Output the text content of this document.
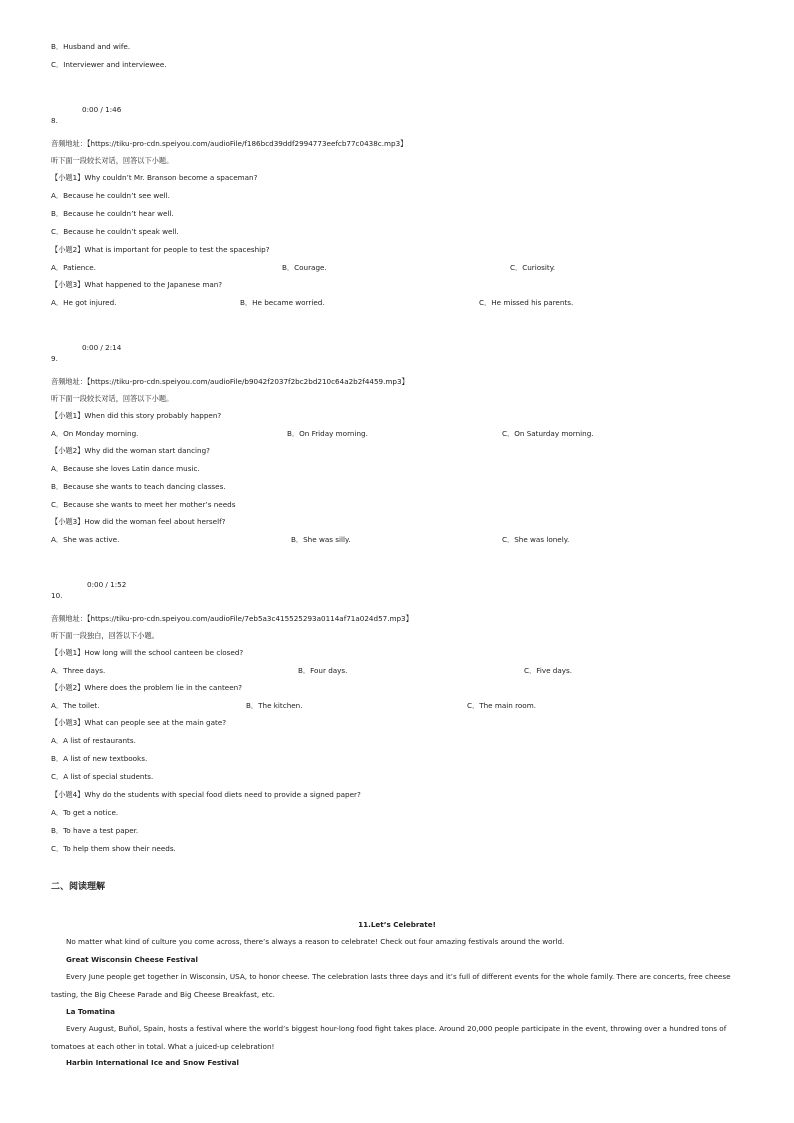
B．Husband and wife.
C．Interviewer and interviewee.
0:00 / 1:46
8.
音频地址：【https://tiku-pro-cdn.speiyou.com/audioFile/f186bcd39ddf2994773eefcb77c0438c.mp3】
听下面一段较长对话，回答以下小题。
【小题1】Why couldn’t Mr. Branson become a spaceman?
A．Because he couldn’t see well.
B．Because he couldn’t hear well.
C．Because he couldn’t speak well.
【小题2】What is important for people to test the spaceship?
A．Patience.	B．Courage.	C．Curiosity.
【小题3】What happened to the Japanese man?
A．He got injured.	B．He became worried.	C．He missed his parents.
0:00 / 2:14
9.
音频地址：【https://tiku-pro-cdn.speiyou.com/audioFile/b9042f2037f2bc2bd210c64a2b2f4459.mp3】
听下面一段较长对话，回答以下小题。
【小题1】When did this story probably happen?
A．On Monday morning.	B．On Friday morning.	C．On Saturday morning.
【小题2】Why did the woman start dancing?
A．Because she loves Latin dance music.
B．Because she wants to teach dancing classes.
C．Because she wants to meet her mother’s needs
【小题3】How did the woman feel about herself?
A．She was active.	B．She was silly.	C．She was lonely.
0:00 / 1:52
10.
音频地址：【https://tiku-pro-cdn.speiyou.com/audioFile/7eb5a3c415525293a0114af71a024d57.mp3】
听下面一段独白，回答以下小题。
【小题1】How long will the school canteen be closed?
A．Three days.	B．Four days.	C．Five days.
【小题2】Where does the problem lie in the canteen?
A．The toilet.	B．The kitchen.	C．The main room.
【小题3】What can people see at the main gate?
A．A list of restaurants.
B．A list of new textbooks.
C．A list of special students.
【小题4】Why do the students with special food diets need to provide a signed paper?
A．To get a notice.
B．To have a test paper.
C．To help them show their needs.
二、阅读理解
11.Let’s Celebrate!
No matter what kind of culture you come across, there’s always a reason to celebrate! Check out four amazing festivals around the world.
Great Wisconsin Cheese Festival
Every June people get together in Wisconsin, USA, to honor cheese. The celebration lasts three days and it’s full of different events for the whole family. There are concerts, free cheese
tasting, the Big Cheese Parade and Big Cheese Breakfast, etc.
La Tomatina
Every August, Buñol, Spain, hosts a festival where the world’s biggest hour-long food fight takes place. Around 20,000 people participate in the event, throwing over a hundred tons of
tomatoes at each other in total. What a juiced-up celebration!
Harbin International Ice and Snow Festival
